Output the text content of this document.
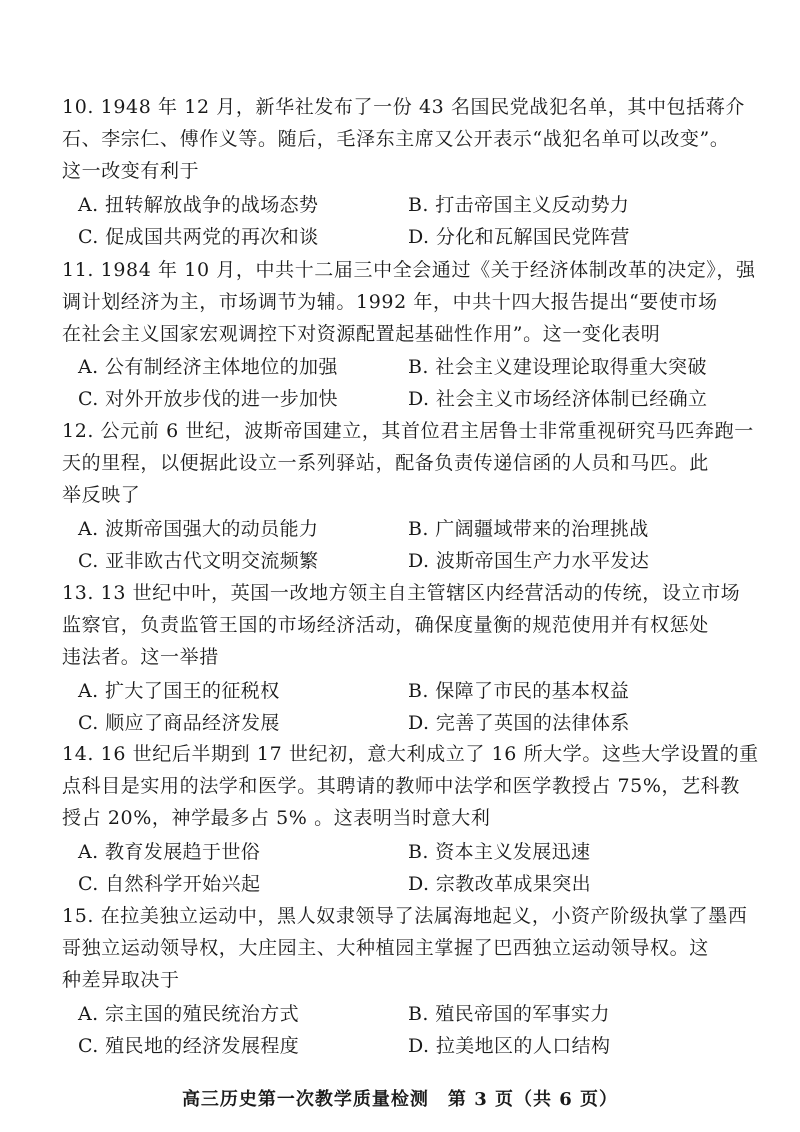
10. 1948 年 12 月，新华社发布了一份 43 名国民党战犯名单，其中包括蒋介
石、李宗仁、傅作义等。随后，毛泽东主席又公开表示“战犯名单可以改变”。
这一改变有利于
A. 扭转解放战争的战场态势	B. 打击帝国主义反动势力
C. 促成国共两党的再次和谈	D. 分化和瓦解国民党阵营
11. 1984 年 10 月，中共十二届三中全会通过《关于经济体制改革的决定》，强
调计划经济为主，市场调节为辅。1992 年，中共十四大报告提出“要使市场
在社会主义国家宏观调控下对资源配置起基础性作用”。这一变化表明
A. 公有制经济主体地位的加强	B. 社会主义建设理论取得重大突破
C. 对外开放步伐的进一步加快	D. 社会主义市场经济体制已经确立
12. 公元前 6 世纪，波斯帝国建立，其首位君主居鲁士非常重视研究马匹奔跑一
天的里程，以便据此设立一系列驿站，配备负责传递信函的人员和马匹。此
举反映了
A. 波斯帝国强大的动员能力	B. 广阔疆域带来的治理挑战
C. 亚非欧古代文明交流频繁	D. 波斯帝国生产力水平发达
13. 13 世纪中叶，英国一改地方领主自主管辖区内经营活动的传统，设立市场
监察官，负责监管王国的市场经济活动，确保度量衡的规范使用并有权惩处
违法者。这一举措
A. 扩大了国王的征税权	B. 保障了市民的基本权益
C. 顺应了商品经济发展	D. 完善了英国的法律体系
14. 16 世纪后半期到 17 世纪初，意大利成立了 16 所大学。这些大学设置的重
点科目是实用的法学和医学。其聘请的教师中法学和医学教授占 75%，艺科教
授占 20%，神学最多占 5% 。这表明当时意大利
A. 教育发展趋于世俗	B. 资本主义发展迅速
C. 自然科学开始兴起	D. 宗教改革成果突出
15. 在拉美独立运动中，黑人奴隶领导了法属海地起义，小资产阶级执掌了墨西
哥独立运动领导权，大庄园主、大种植园主掌握了巴西独立运动领导权。这
种差异取决于
A. 宗主国的殖民统治方式	B. 殖民帝国的军事实力
C. 殖民地的经济发展程度	D. 拉美地区的人口结构
高三历史第一次教学质量检测　第 3 页（共 6 页）
